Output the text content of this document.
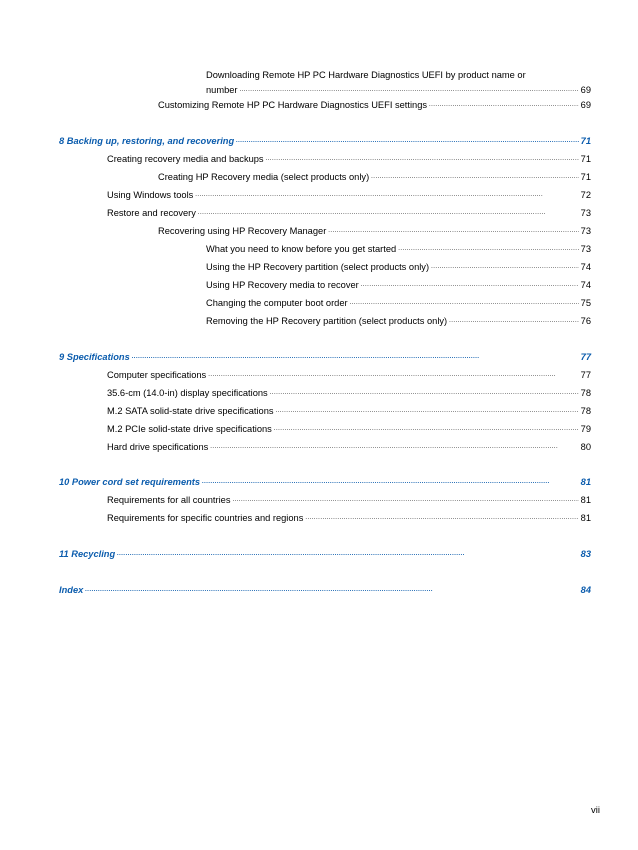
Downloading Remote HP PC Hardware Diagnostics UEFI by product name or
number . . .	69
Customizing Remote HP PC Hardware Diagnostics UEFI settings . . .	69
8 Backing up, restoring, and recovering . . .	71
Creating recovery media and backups . . .	71
Creating HP Recovery media (select products only) . . .	71
Using Windows tools . . .	72
Restore and recovery . . .	73
Recovering using HP Recovery Manager . . .	73
What you need to know before you get started . . .	73
Using the HP Recovery partition (select products only) . . .	74
Using HP Recovery media to recover . . .	74
Changing the computer boot order . . .	75
Removing the HP Recovery partition (select products only) . . .	76
9 Specifications . . .	77
Computer specifications . . .	77
35.6-cm (14.0-in) display specifications . . .	78
M.2 SATA solid-state drive specifications . . .	78
M.2 PCIe solid-state drive specifications . . .	79
Hard drive specifications . . .	80
10 Power cord set requirements . . .	81
Requirements for all countries . . .	81
Requirements for specific countries and regions . . .	81
11 Recycling . . .	83
Index . . .	84
vii
